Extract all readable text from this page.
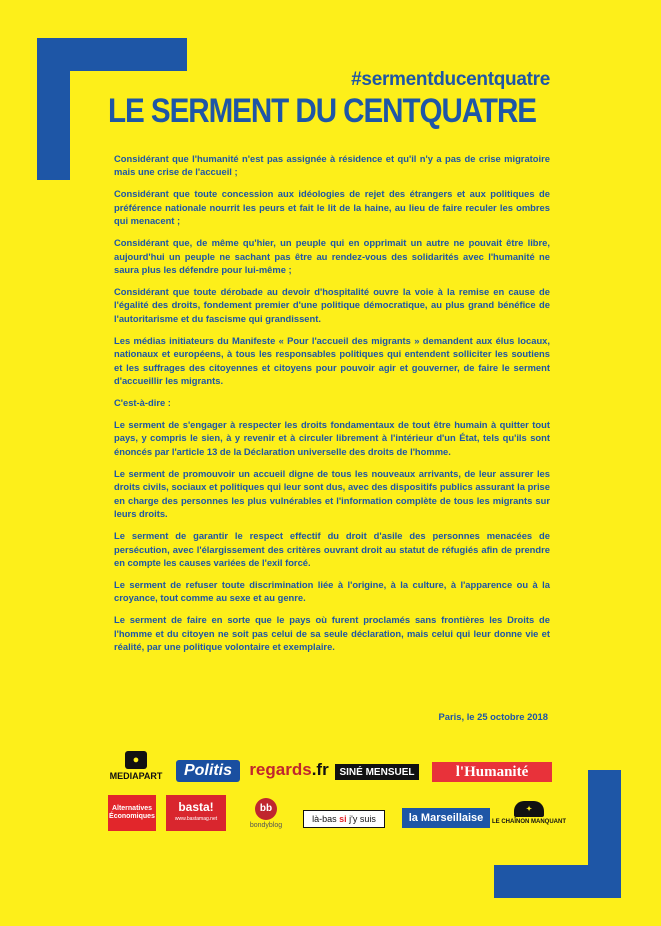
#sermentducentquatre
LE SERMENT DU CENTQUATRE

Considérant que l'humanité n'est pas assignée à résidence et qu'il n'y a pas de crise migratoire mais une crise de l'accueil ;

Considérant que toute concession aux idéologies de rejet des étrangers et aux politiques de préférence nationale nourrit les peurs et fait le lit de la haine, au lieu de faire reculer les ombres qui menacent ;

Considérant que, de même qu'hier, un peuple qui en opprimait un autre ne pouvait être libre, aujourd'hui un peuple ne sachant pas être au rendez-vous des solidarités avec l'humanité ne saura plus les défendre pour lui-même ;

Considérant que toute dérobade au devoir d'hospitalité ouvre la voie à la remise en cause de l'égalité des droits, fondement premier d'une politique démocratique, au plus grand bénéfice de l'autoritarisme et du fascisme qui grandissent.

Les médias initiateurs du Manifeste « Pour l'accueil des migrants » demandent aux élus locaux, nationaux et européens, à tous les responsables politiques qui entendent solliciter les soutiens et les suffrages des citoyennes et citoyens pour pouvoir agir et gouverner, de faire le serment d'accueillir les migrants.

C'est-à-dire :

Le serment de s'engager à respecter les droits fondamentaux de tout être humain à quitter tout pays, y compris le sien, à y revenir et à circuler librement à l'intérieur d'un État, tels qu'ils sont énoncés par l'article 13 de la Déclaration universelle des droits de l'homme.

Le serment de promouvoir un accueil digne de tous les nouveaux arrivants, de leur assurer les droits civils, sociaux et politiques qui leur sont dus, avec des dispositifs publics assurant la prise en charge des personnes les plus vulnérables et l'information complète de tous les migrants sur leurs droits.

Le serment de garantir le respect effectif du droit d'asile des personnes menacées de persécution, avec l'élargissement des critères ouvrant droit au statut de réfugiés afin de prendre en compte les causes variées de l'exil forcé.

Le serment de refuser toute discrimination liée à l'origine, à la culture, à l'apparence ou à la croyance, tout comme au sexe et au genre.

Le serment de faire en sorte que le pays où furent proclamés sans frontières les Droits de l'homme et du citoyen ne soit pas celui de sa seule déclaration, mais celui qui leur donne vie et réalité, par une politique volontaire et exemplaire.

Paris, le 25 octobre 2018
●
MEDIAPART	Politis	regards .fr	SINÉ MENSUEL	l'Humanité
Alternatives
Économiques
basta!
www.bastamag.net
bb
bondyblog
là-bas
si
j'y suis	la Marseillaise
✦
LE CHAÎNON MANQUANT
